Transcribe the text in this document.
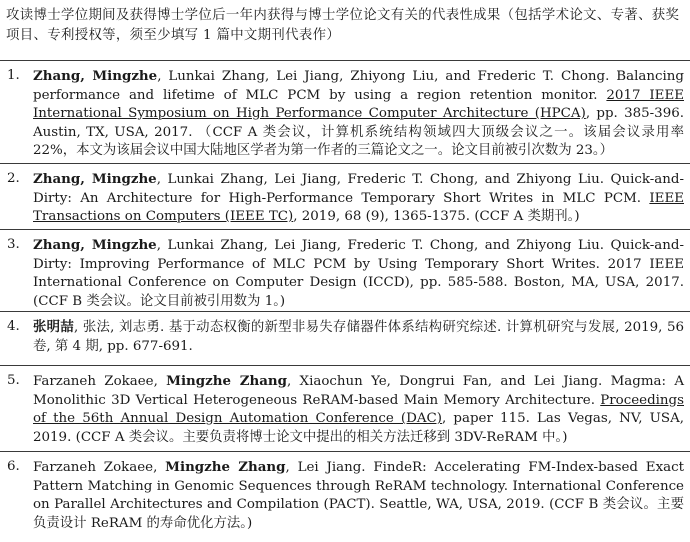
攻读博士学位期间及获得博士学位后一年内获得与博士学位论文有关的代表性成果（包括学术论文、专著、获奖项目、专利授权等，须至少填写 1 篇中文期刊代表作）
1. Zhang, Mingzhe, Lunkai Zhang, Lei Jiang, Zhiyong Liu, and Frederic T. Chong. Balancing performance and lifetime of MLC PCM by using a region retention monitor. 2017 IEEE International Symposium on High Performance Computer Architecture (HPCA), pp. 385-396. Austin, TX, USA, 2017. （CCF A 类会议，计算机系统结构领域四大顶级会议之一。该届会议录用率 22%，本文为该届会议中国大陆地区学者为第一作者的三篇论文之一。论文目前被引次数为 23。）
2. Zhang, Mingzhe, Lunkai Zhang, Lei Jiang, Frederic T. Chong, and Zhiyong Liu. Quick-and-Dirty: An Architecture for High-Performance Temporary Short Writes in MLC PCM. IEEE Transactions on Computers (IEEE TC), 2019, 68 (9), 1365-1375. (CCF A 类期刊。)
3. Zhang, Mingzhe, Lunkai Zhang, Lei Jiang, Frederic T. Chong, and Zhiyong Liu. Quick-and-Dirty: Improving Performance of MLC PCM by Using Temporary Short Writes. 2017 IEEE International Conference on Computer Design (ICCD), pp. 585-588. Boston, MA, USA, 2017. (CCF B 类会议。论文目前被引用数为 1。)
4. 张明喆, 张法, 刘志勇. 基于动态权衡的新型非易失存储器件体系结构研究综述. 计算机研究与发展, 2019, 56 卷, 第 4 期, pp. 677-691.
5. Farzaneh Zokaee, Mingzhe Zhang, Xiaochun Ye, Dongrui Fan, and Lei Jiang. Magma: A Monolithic 3D Vertical Heterogeneous ReRAM-based Main Memory Architecture. Proceedings of the 56th Annual Design Automation Conference (DAC), paper 115. Las Vegas, NV, USA, 2019. (CCF A 类会议。主要负责将博士论文中提出的相关方法迁移到 3DV-ReRAM 中。)
6. Farzaneh Zokaee, Mingzhe Zhang, Lei Jiang. FindeR: Accelerating FM-Index-based Exact Pattern Matching in Genomic Sequences through ReRAM technology. International Conference on Parallel Architectures and Compilation (PACT). Seattle, WA, USA, 2019. (CCF B 类会议。主要负责设计 ReRAM 的寿命优化方法。)
